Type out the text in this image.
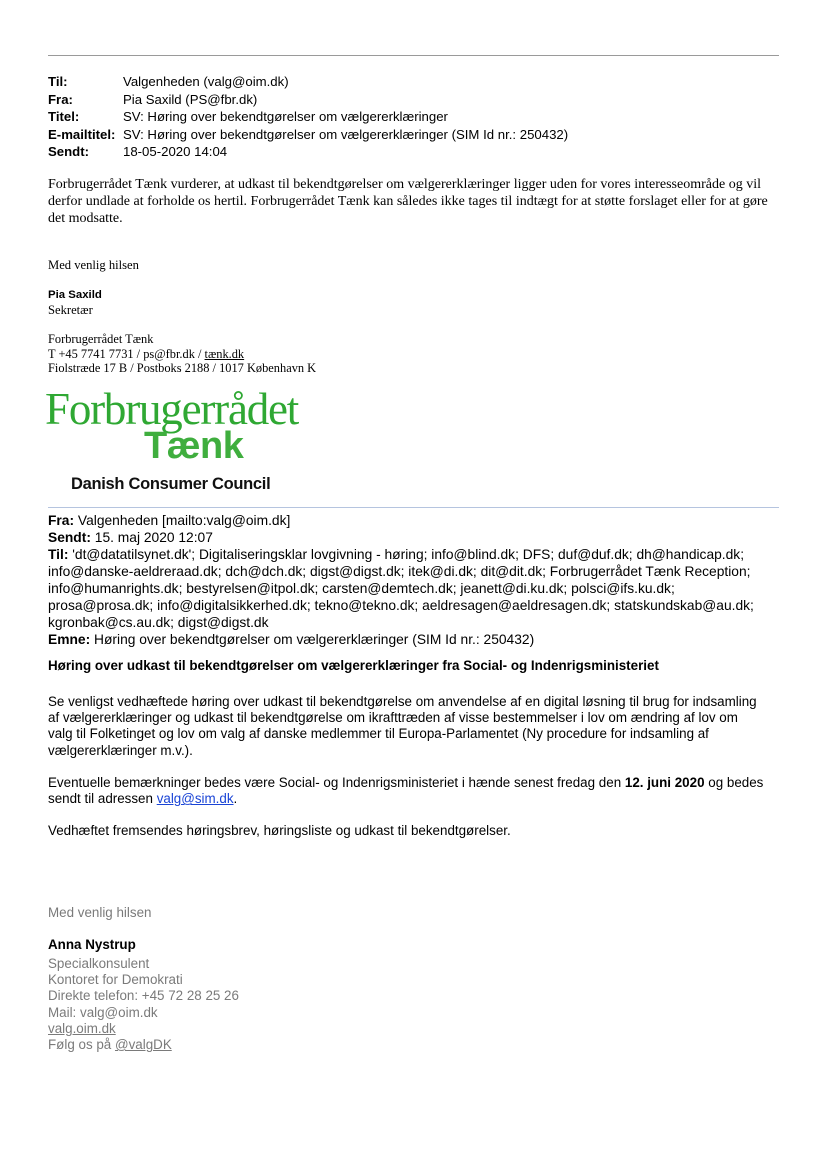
Til:	Valgenheden (valg@oim.dk)
Fra:	Pia Saxild (PS@fbr.dk)
Titel:	SV: Høring over bekendtgørelser om vælgererklæringer
E-mailtitel: SV: Høring over bekendtgørelser om vælgererklæringer (SIM Id nr.: 250432)
Sendt:	18-05-2020 14:04
Forbrugerrådet Tænk vurderer, at udkast til bekendtgørelser om vælgererklæringer ligger uden for vores interesseområde og vil derfor undlade at forholde os hertil. Forbrugerrådet Tænk kan således ikke tages til indtægt for at støtte forslaget eller for at gøre det modsatte.
Med venlig hilsen
Pia Saxild
Sekretær
Forbrugerrådet Tænk
T +45 7741 7731 / ps@fbr.dk / tænk.dk
Fiolstræde 17 B / Postboks 2188 / 1017 København K
Forbrugerrådet
Tænk
Danish Consumer Council
Fra: Valgenheden [mailto:valg@oim.dk]
Sendt: 15. maj 2020 12:07
Til: 'dt@datatilsynet.dk'; Digitaliseringsklar lovgivning - høring; info@blind.dk; DFS; duf@duf.dk; dh@handicap.dk;
info@danske-aeldreraad.dk; dch@dch.dk; digst@digst.dk; itek@di.dk; dit@dit.dk; Forbrugerrådet Tænk Reception;
info@humanrights.dk; bestyrelsen@itpol.dk; carsten@demtech.dk; jeanett@di.ku.dk; polsci@ifs.ku.dk;
prosa@prosa.dk; info@digitalsikkerhed.dk; tekno@tekno.dk; aeldresagen@aeldresagen.dk; statskundskab@au.dk;
kgronbak@cs.au.dk; digst@digst.dk
Emne: Høring over bekendtgørelser om vælgererklæringer (SIM Id nr.: 250432)
Høring over udkast til bekendtgørelser om vælgererklæringer fra Social- og Indenrigsministeriet
Se venligst vedhæftede høring over udkast til bekendtgørelse om anvendelse af en digital løsning til brug for indsamling
af vælgererklæringer og udkast til bekendtgørelse om ikrafttræden af visse bestemmelser i lov om ændring af lov om
valg til Folketinget og lov om valg af danske medlemmer til Europa-Parlamentet (Ny procedure for indsamling af
vælgererklæringer m.v.).
Eventuelle bemærkninger bedes være Social- og Indenrigsministeriet i hænde senest fredag den 12. juni 2020 og bedes
sendt til adressen valg@sim.dk.
Vedhæftet fremsendes høringsbrev, høringsliste og udkast til bekendtgørelser.
Med venlig hilsen
Anna Nystrup
Specialkonsulent
Kontoret for Demokrati
Direkte telefon: +45 72 28 25 26
Mail: valg@oim.dk
valg.oim.dk
Følg os på @valgDK
